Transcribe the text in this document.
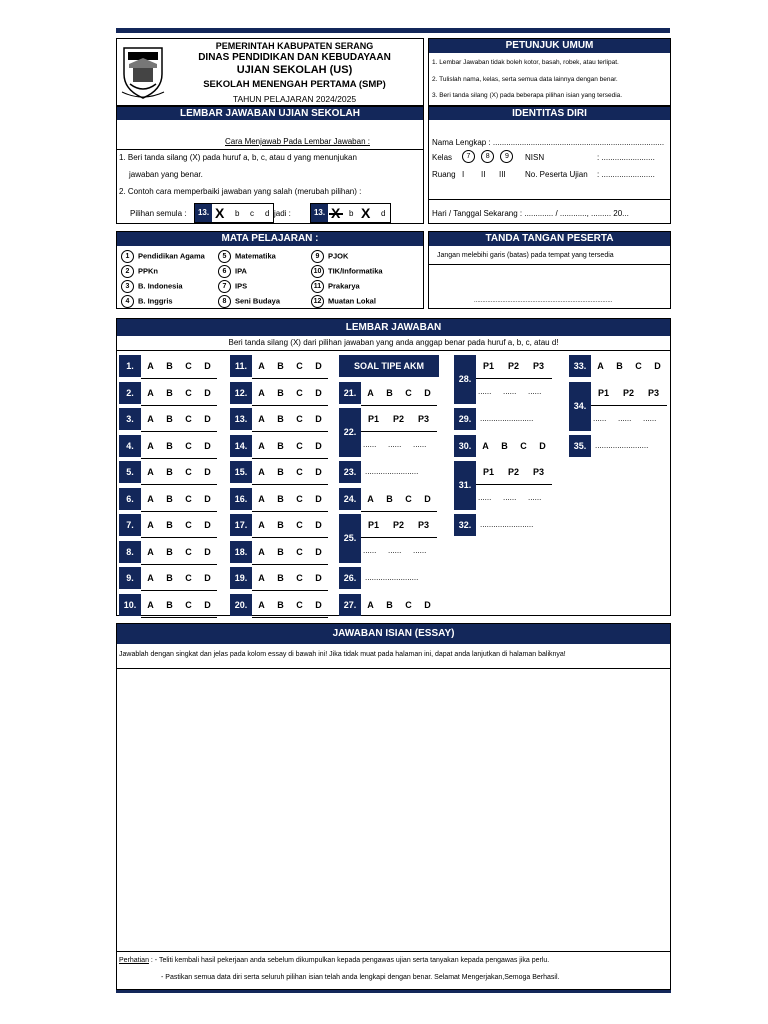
PEMERINTAH KABUPATEN SERANG
DINAS PENDIDIKAN DAN KEBUDAYAAN
UJIAN SEKOLAH (US)
SEKOLAH MENENGAH PERTAMA (SMP)
TAHUN PELAJARAN 2024/2025
PETUNJUK UMUM
1. Lembar Jawaban tidak boleh kotor, basah, robek, atau terlipat.
2. Tulislah nama, kelas, serta semua data lainnya dengan benar.
3. Beri tanda silang (X) pada beberapa pilihan isian yang tersedia.
LEMBAR JAWABAN UJIAN SEKOLAH
Cara Menjawab Pada Lembar Jawaban :
1. Beri tanda silang (X) pada huruf a, b, c, atau d yang menunjukan
jawaban yang benar.
2. Contoh cara memperbaiki jawaban yang salah (merubah pilihan) :
Pilihan semula :	13. X b c d jadi :	13. X b X d
IDENTITAS DIRI
Nama Lengkap : .............................................................................
Kelas	7 8 9	NISN	: ........................
Ruang I II III No. Peserta Ujian : ........................
Hari / Tanggal Sekarang : ............. / ............, ......... 20...
MATA PELAJARAN :
1 Pendidikan Agama
2 PPKn
3 B. Indonesia
4 B. Inggris
5 Matematika
6 IPA
7 IPS
8 Seni Budaya
9 PJOK
10 TIK/Informatika
11 Prakarya
12 Muatan Lokal
TANDA TANGAN PESERTA
Jangan melebihi garis (batas) pada tempat yang tersedia
...................................................................................
LEMBAR JAWABAN
Beri tanda silang (X) dari pilihan jawaban yang anda anggap benar pada huruf a, b, c, atau d!
1.	A	B	C	D
2.	A	B	C	D
3.	A	B	C	D
4.	A	B	C	D
5.	A	B	C	D
6.	A	B	C	D
7.	A	B	C	D
8.	A	B	C	D
9.	A	B	C	D
10.	A	B	C	D
11.	A	B	C	D
12.	A	B	C	D
13.	A	B	C	D
14.	A	B	C	D
15.	A	B	C	D
16.	A	B	C	D
17.	A	B	C	D
18.	A	B	C	D
19.	A	B	C	D
20.	A	B	C	D
SOAL TIPE AKM
21.	A	B	C	D
22.
P1	P2	P3
...... ...... ......
23.	........................
24.	A	B	C	D
25.
P1	P2	P3
...... ...... ......
26.	........................
27.	A	B	C	D
28.
P1	P2	P3
...... ...... ......
29.	........................
30.	A	B	C	D
31.
P1	P2	P3
...... ...... ......
32.	........................
33.	A	B	C	D
34.
P1	P2	P3
...... ...... ......
35.	........................
JAWABAN ISIAN (ESSAY)
Jawablah dengan singkat dan jelas pada kolom essay di bawah ini! Jika tidak muat pada halaman ini, dapat anda lanjutkan di halaman baliknya!
Perhatian : - Teliti kembali hasil pekerjaan anda sebelum dikumpulkan kepada pengawas ujian serta tanyakan kepada pengawas jika perlu.
- Pastikan semua data diri serta seluruh pilihan isian telah anda lengkapi dengan benar. Selamat Mengerjakan,Semoga Berhasil.
